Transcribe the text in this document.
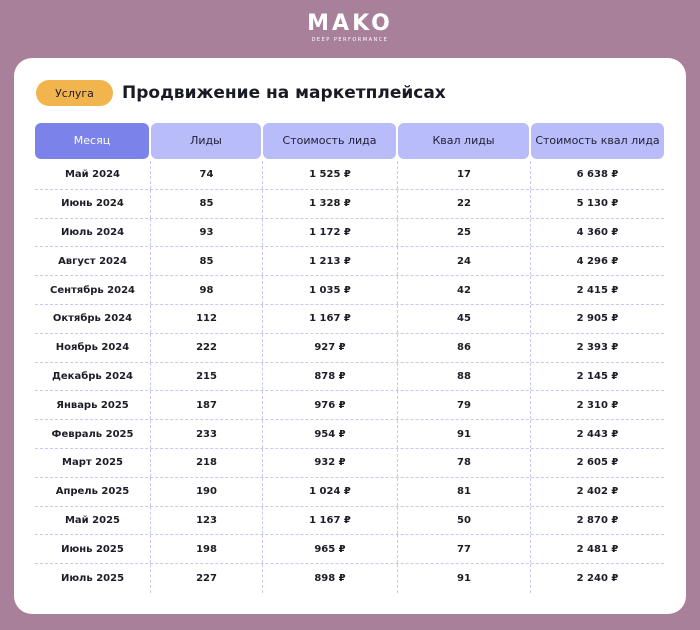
MAKO
DEEP PERFORMANCE
Услуга	Продвижение на маркетплейсах
Месяц	Лиды	Стоимость лида	Квал лиды	Стоимость квал лида
Май 2024	74	1 525 ₽	17	6 638 ₽
Июнь 2024	85	1 328 ₽	22	5 130 ₽
Июль 2024	93	1 172 ₽	25	4 360 ₽
Август 2024	85	1 213 ₽	24	4 296 ₽
Сентябрь 2024	98	1 035 ₽	42	2 415 ₽
Октябрь 2024	112	1 167 ₽	45	2 905 ₽
Ноябрь 2024	222	927 ₽	86	2 393 ₽
Декабрь 2024	215	878 ₽	88	2 145 ₽
Январь 2025	187	976 ₽	79	2 310 ₽
Февраль 2025	233	954 ₽	91	2 443 ₽
Март 2025	218	932 ₽	78	2 605 ₽
Апрель 2025	190	1 024 ₽	81	2 402 ₽
Май 2025	123	1 167 ₽	50	2 870 ₽
Июнь 2025	198	965 ₽	77	2 481 ₽
Июль 2025	227	898 ₽	91	2 240 ₽
